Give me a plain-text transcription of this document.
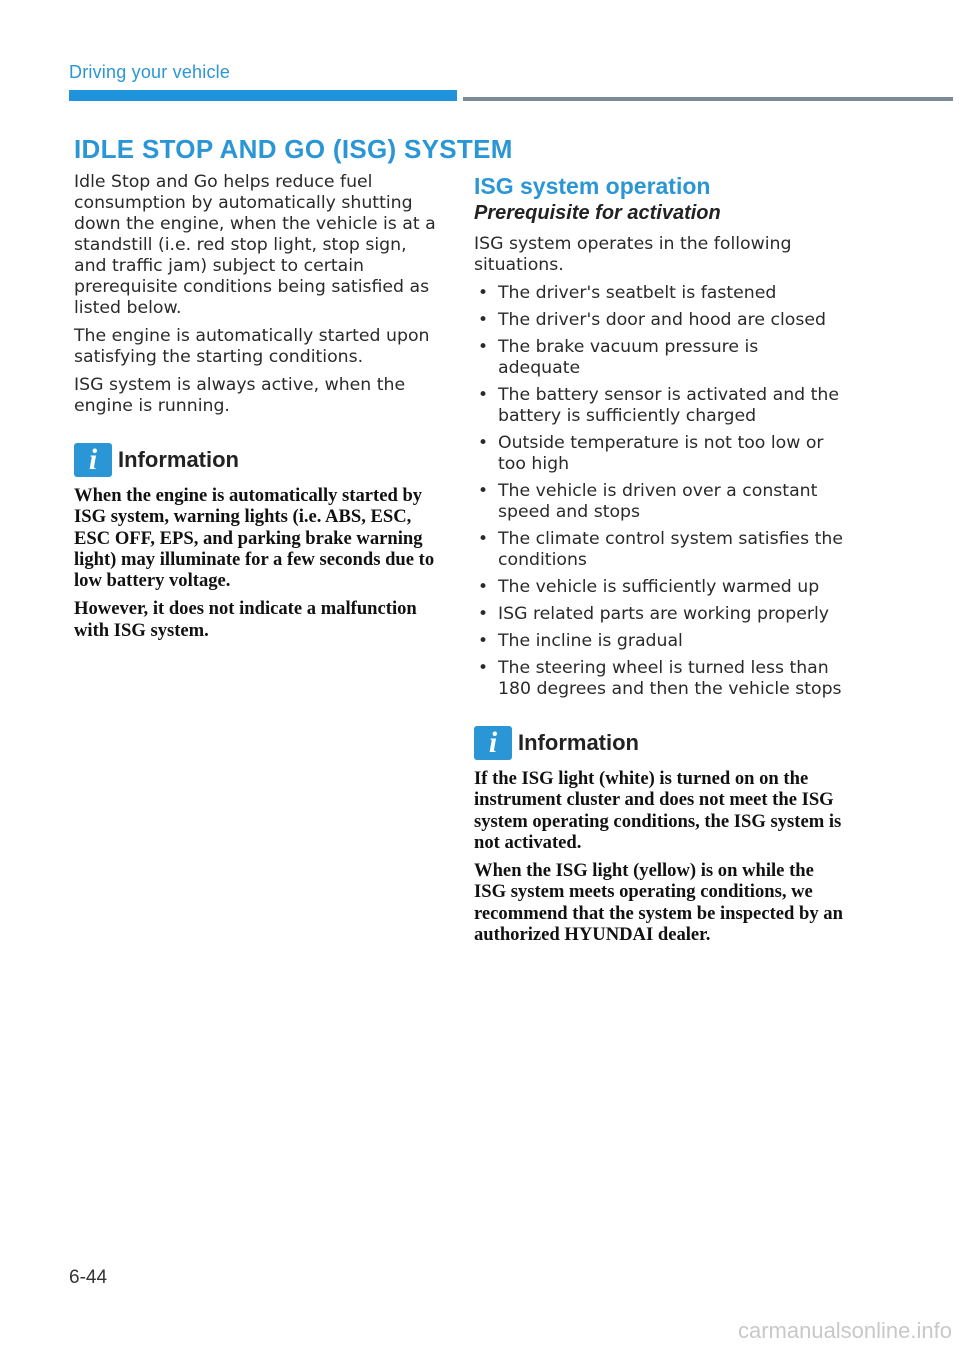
Driving your vehicle
IDLE STOP AND GO (ISG) SYSTEM

Idle Stop and Go helps reduce fuel consumption by automatically shutting down the engine, when the vehicle is at a standstill (i.e. red stop light, stop sign, and traffic jam) subject to certain prerequisite conditions being satisfied as listed below.

The engine is automatically started upon satisfying the starting conditions.

ISG system is always active, when the engine is running.

i Information

When the engine is automatically started by ISG system, warning lights (i.e. ABS, ESC, ESC OFF, EPS, and parking brake warning light) may illuminate for a few seconds due to low battery voltage.

However, it does not indicate a malfunction with ISG system.

ISG system operation
Prerequisite for activation

ISG system operates in the following situations.

• The driver's seatbelt is fastened
• The driver's door and hood are closed
• The brake vacuum pressure is adequate
• The battery sensor is activated and the battery is sufficiently charged
• Outside temperature is not too low or too high
• The vehicle is driven over a constant speed and stops
• The climate control system satisfies the conditions
• The vehicle is sufficiently warmed up
• ISG related parts are working properly
• The incline is gradual
• The steering wheel is turned less than 180 degrees and then the vehicle stops
i Information

If the ISG light (white) is turned on on the instrument cluster and does not meet the ISG system operating conditions, the ISG system is not activated.

When the ISG light (yellow) is on while the ISG system meets operating conditions, we recommend that the system be inspected by an authorized HYUNDAI dealer.

6-44
carmanualsonline.info
